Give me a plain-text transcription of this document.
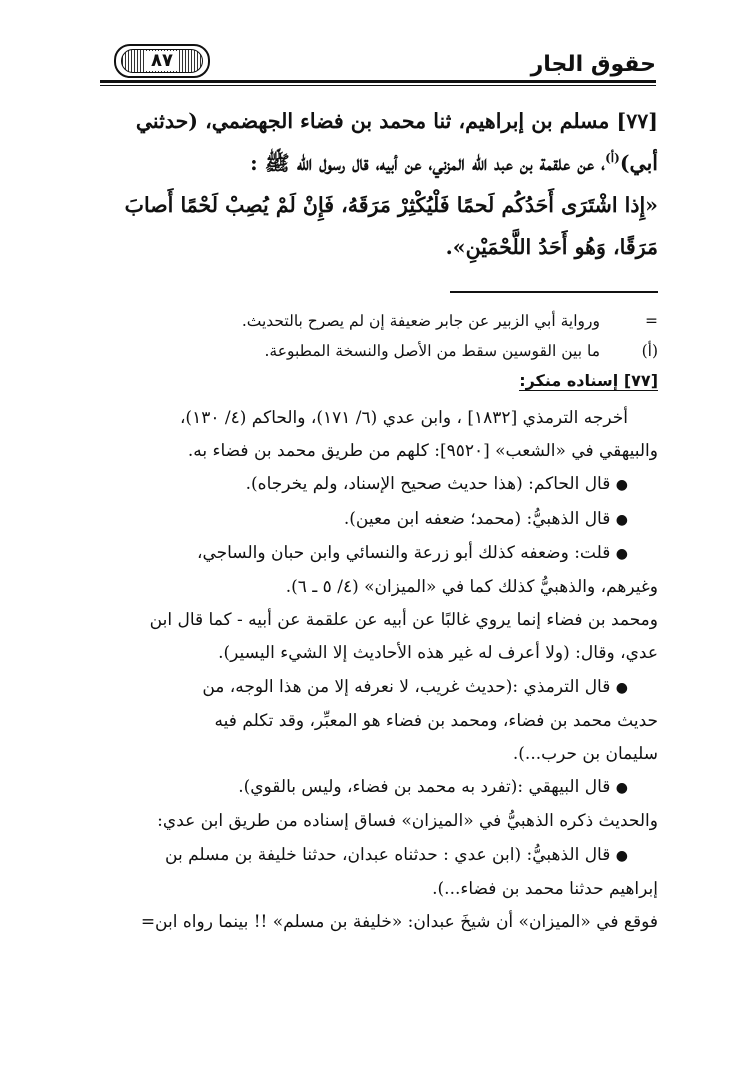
حقوق الجار
٨٧

[٧٧] مسلم بن إبراهيم، ثنا محمد بن فضاء الجهضمي، (حدثني

أبي)$^{(أ)}$، عن علقمة بن عبد الله المزني، عن أبيه، قال رسول الله ﷺ :

«إِذا اشْتَرَى أَحَدُكُم لَحمًا فَلْيُكْثِرْ مَرَقَهُ، فَإِنْ لَمْ يُصِبْ لَحْمًا أَصابَ

مَرَقًا، وَهُو أَحَدُ اللَّحْمَيْنِ».

=
ورواية أبي الزبير عن جابر ضعيفة إن لم يصرح بالتحديث.
(أ)
ما بين القوسين سقط من الأصل والنسخة المطبوعة.
[٧٧] إسناده منكر:

أخرجه الترمذي [١٨٣٢] ، وابن عدي (٦/ ١٧١)، والحاكم (٤/ ١٣٠)،

والبيهقي في «الشعب» [٩٥٢٠]: كلهم من طريق محمد بن فضاء به.

● قال الحاكم: (هذا حديث صحيح الإسناد، ولم يخرجاه).

● قال الذهبيُّ: (محمد؛ ضعفه ابن معين).

● قلت: وضعفه كذلك أبو زرعة والنسائي وابن حبان والساجي،

وغيرهم، والذهبيُّ كذلك كما في «الميزان» (٤/ ٥ ـ ٦).

ومحمد بن فضاء إنما يروي غالبًا عن أبيه عن علقمة عن أبيه - كما قال ابن

عدي، وقال: (ولا أعرف له غير هذه الأحاديث إلا الشيء اليسير).

● قال الترمذي :(حديث غريب، لا نعرفه إلا من هذا الوجه، من

حديث محمد بن فضاء، ومحمد بن فضاء هو المعبِّر، وقد تكلم فيه

سليمان بن حرب...).

● قال البيهقي :(تفرد به محمد بن فضاء، وليس بالقوي).

والحديث ذكره الذهبيُّ في «الميزان» فساق إسناده من طريق ابن عدي:

● قال الذهبيُّ: (ابن عدي : حدثناه عبدان، حدثنا خليفة بن مسلم بن

إبراهيم حدثنا محمد بن فضاء...).

فوقع في «الميزان» أن شيخَ عبدان: «خليفة بن مسلم» !! بينما رواه ابن=
